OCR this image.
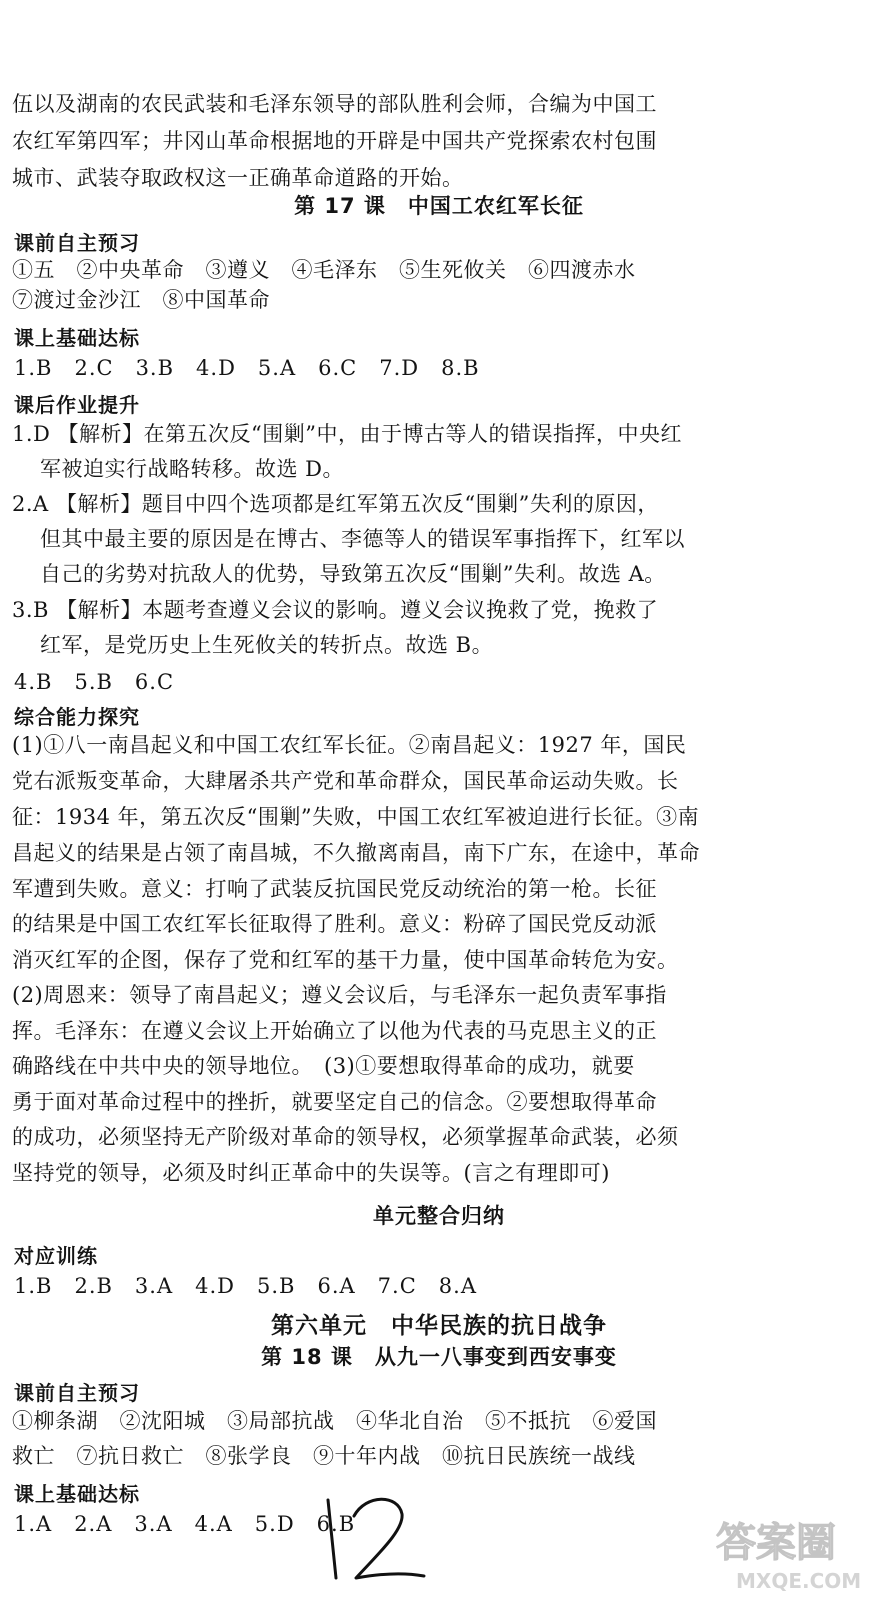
伍以及湖南的农民武装和毛泽东领导的部队胜利会师，合编为中国工
农红军第四军；井冈山革命根据地的开辟是中国共产党探索农村包围
城市、武装夺取政权这一正确革命道路的开始。
第 17 课　中国工农红军长征
课前自主预习
①五　②中央革命　③遵义　④毛泽东　⑤生死攸关　⑥四渡赤水
⑦渡过金沙江　⑧中国革命
课上基础达标
1.B　2.C　3.B　4.D　5.A　6.C　7.D　8.B
课后作业提升
1.D 【解析】在第五次反“围剿”中，由于博古等人的错误指挥，中央红
军被迫实行战略转移。故选 D。
2.A 【解析】题目中四个选项都是红军第五次反“围剿”失利的原因，
但其中最主要的原因是在博古、李德等人的错误军事指挥下，红军以
自己的劣势对抗敌人的优势，导致第五次反“围剿”失利。故选 A。
3.B 【解析】本题考查遵义会议的影响。遵义会议挽救了党，挽救了
红军，是党历史上生死攸关的转折点。故选 B。
4.B　5.B　6.C
综合能力探究
(1)①八一南昌起义和中国工农红军长征。②南昌起义：1927 年，国民
党右派叛变革命，大肆屠杀共产党和革命群众，国民革命运动失败。长
征：1934 年，第五次反“围剿”失败，中国工农红军被迫进行长征。③南
昌起义的结果是占领了南昌城，不久撤离南昌，南下广东，在途中，革命
军遭到失败。意义：打响了武装反抗国民党反动统治的第一枪。长征
的结果是中国工农红军长征取得了胜利。意义：粉碎了国民党反动派
消灭红军的企图，保存了党和红军的基干力量，使中国革命转危为安。
(2)周恩来：领导了南昌起义；遵义会议后，与毛泽东一起负责军事指
挥。毛泽东：在遵义会议上开始确立了以他为代表的马克思主义的正
确路线在中共中央的领导地位。　(3)①要想取得革命的成功，就要
勇于面对革命过程中的挫折，就要坚定自己的信念。②要想取得革命
的成功，必须坚持无产阶级对革命的领导权，必须掌握革命武装，必须
坚持党的领导，必须及时纠正革命中的失误等。(言之有理即可)
单元整合归纳
对应训练
1.B　2.B　3.A　4.D　5.B　6.A　7.C　8.A
第六单元　中华民族的抗日战争
第 18 课　从九一八事变到西安事变
课前自主预习
①柳条湖　②沈阳城　③局部抗战　④华北自治　⑤不抵抗　⑥爱国
救亡　⑦抗日救亡　⑧张学良　⑨十年内战　⑩抗日民族统一战线
课上基础达标
1.A　2.A　3.A　4.A　5.D　6.B	答案圈
MXQE.COM
